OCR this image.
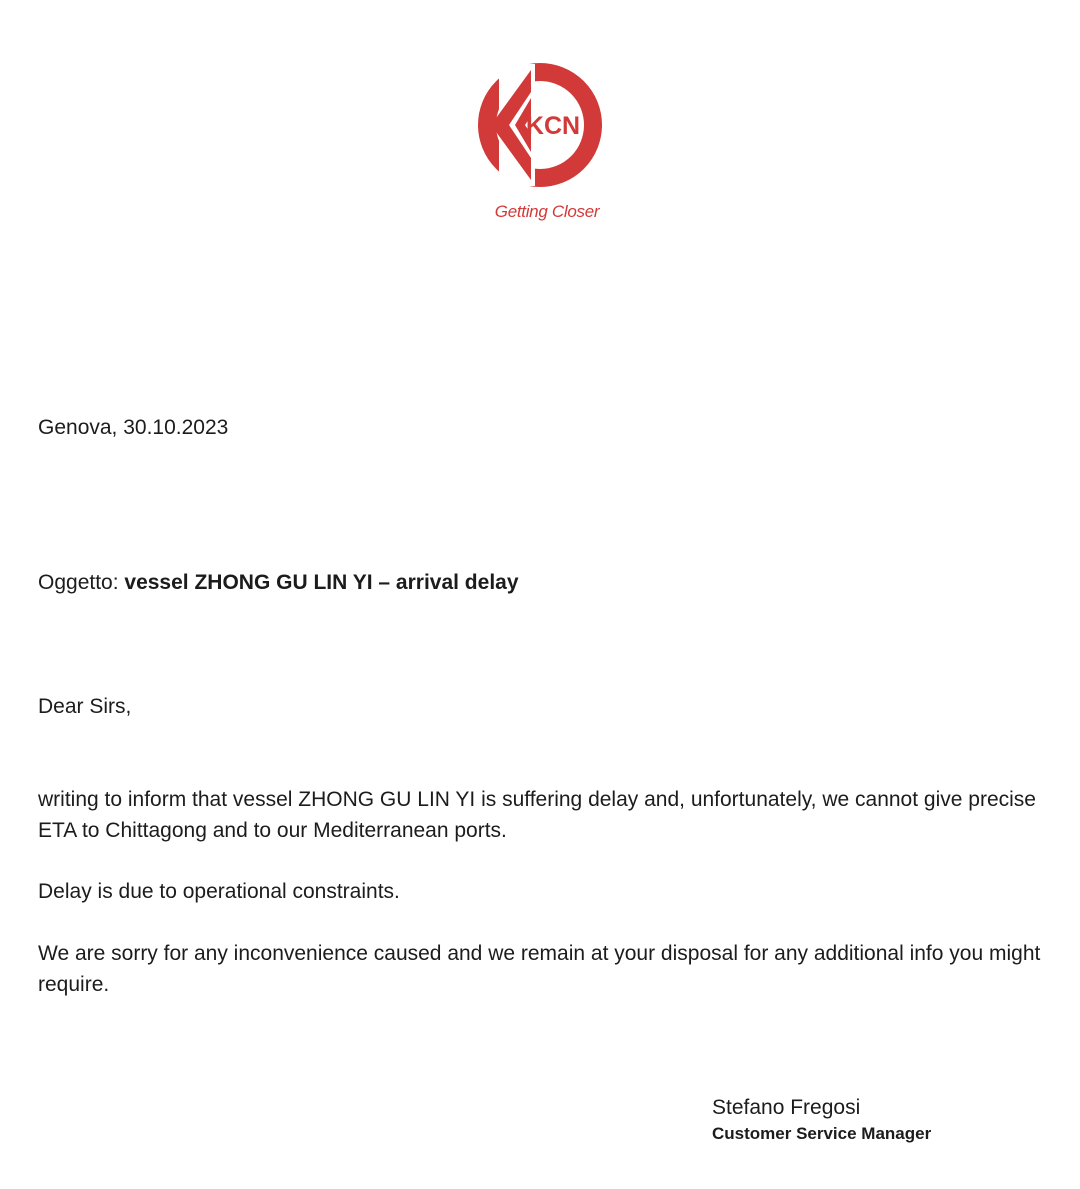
KCN
Getting Closer
Genova, 30.10.2023
Oggetto: vessel ZHONG GU LIN YI – arrival delay
Dear Sirs,
writing to inform that vessel ZHONG GU LIN YI is suffering delay and, unfortunately, we cannot give precise ETA to Chittagong and to our Mediterranean ports.
Delay is due to operational constraints.
We are sorry for any inconvenience caused and we remain at your disposal for any additional info you might require.
Stefano Fregosi
Customer Service Manager
